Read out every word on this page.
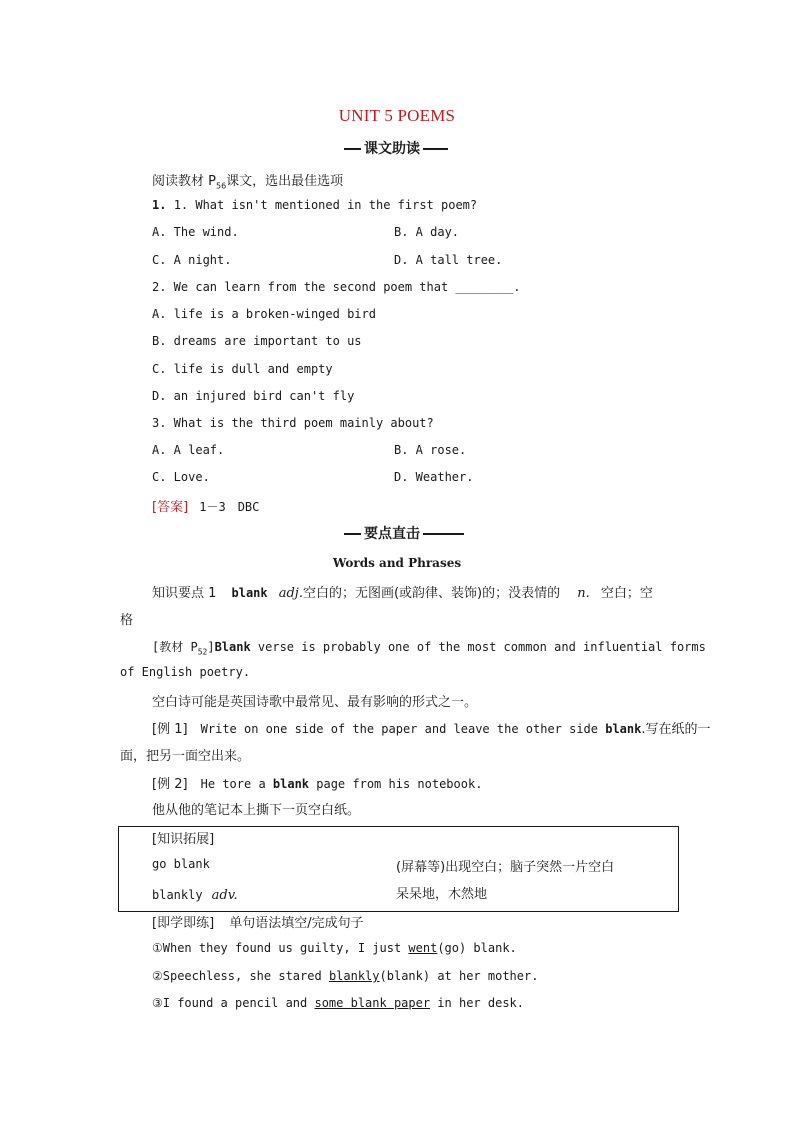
UNIT 5 POEMS
课文助读
阅读教材 $P_{56}$课文，选出最佳选项
1. 1. What isn't mentioned in the first poem?
A. The wind.	B. A day.
C. A night.	D. A tall tree.
2. We can learn from the second poem that ________.
A. life is a broken-winged bird
B. dreams are important to us
C. life is dull and empty
D. an injured bird can't fly
3. What is the third poem mainly about?
A. A leaf.	B. A rose.
C. Love.	D. Weather.
[答案] 1－3　DBC
要点直击
Words and Phrases
知识要点 1 blank adj.空白的；无图画(或韵律、装饰)的；没表情的 n. 空白；空
格
[教材 $P_{52}]Blank$ verse is probably one of the most common and influential forms
of English poetry.
空白诗可能是英国诗歌中最常见、最有影响的形式之一。
[例 1] Write on one side of the paper and leave the other side blank.写在纸的一
面，把另一面空出来。
[例 2] He tore a blank page from his notebook.
他从他的笔记本上撕下一页空白纸。
[知识拓展]
go blank	(屏幕等)出现空白；脑子突然一片空白
blankly adv.	呆呆地，木然地
[即学即练] 单句语法填空/完成句子
①When they found us guilty, I just went(go) blank.
②Speechless, she stared blankly(blank) at her mother.
③I found a pencil and some blank paper in her desk.
